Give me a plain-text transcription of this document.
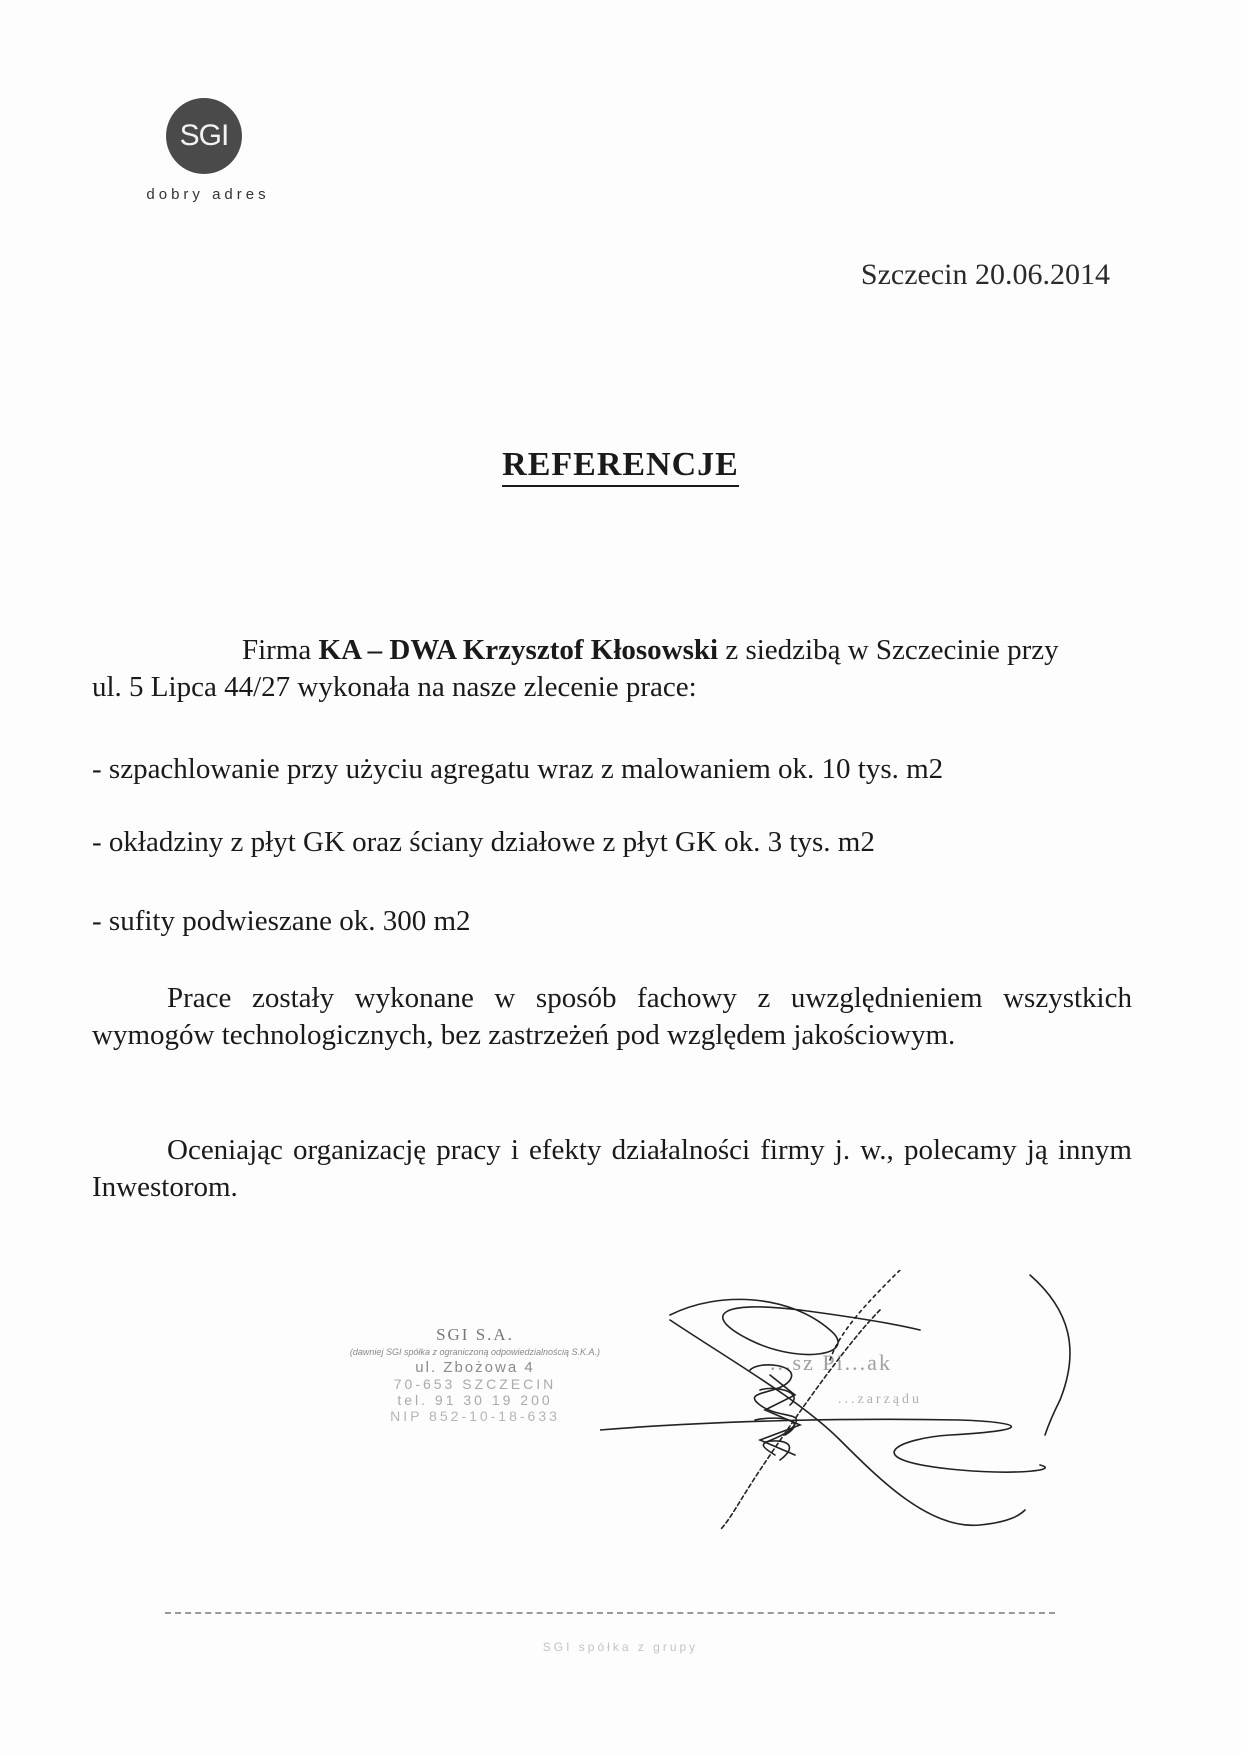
SGI
dobry adres
Szczecin 20.06.2014
REFERENCJE
Firma KA – DWA Krzysztof Kłosowski z siedzibą w Szczecinie przy
ul. 5 Lipca 44/27 wykonała na nasze zlecenie prace:
- szpachlowanie przy użyciu agregatu wraz z malowaniem ok. 10 tys. m2
- okładziny z płyt GK oraz ściany działowe z płyt GK ok. 3 tys. m2
- sufity podwieszane ok. 300 m2
Prace zostały wykonane w sposób fachowy z uwzględnieniem wszystkich wymogów technologicznych, bez zastrzeżeń pod względem jakościowym.
Oceniając organizację pracy i efekty działalności firmy j. w., polecamy ją innym Inwestorom.
SGI S.A.
(dawniej SGI spółka z ograniczoną odpowiedzialnością S.K.A.)
ul. Zbożowa 4
70-653 SZCZECIN
tel. 91 30 19 200
NIP 852-10-18-633
...sz Pi...ak
...zarządu
SGI spółka z grupy
